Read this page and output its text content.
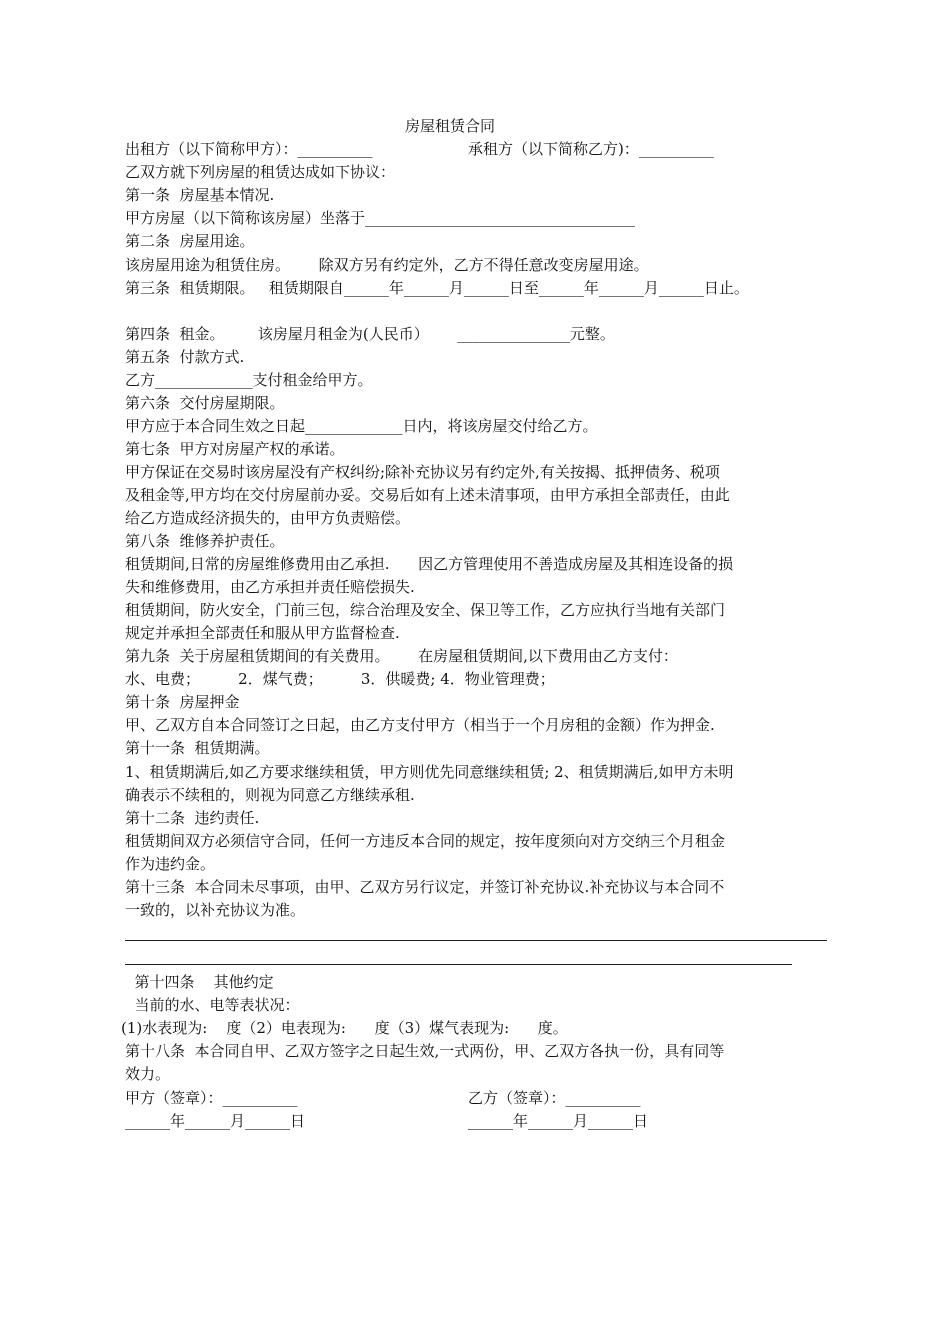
房屋租赁合同
出租方（以下简称甲方）：__________	承租方（以下简称乙方)：__________
乙双方就下列房屋的租赁达成如下协议：
第一条  房屋基本情况.
甲方房屋（以下简称该房屋）坐落于____________________________________
第二条  房屋用途。
该房屋用途为租赁住房。      除双方另有约定外，乙方不得任意改变房屋用途。
第三条  租赁期限。   租赁期限自______年______月______日至______年______月______日止。
第四条  租金。       该房屋月租金为(人民币）      _______________元整。
第五条  付款方式.
乙方_____________支付租金给甲方。
第六条  交付房屋期限。
甲方应于本合同生效之日起_____________日内，将该房屋交付给乙方。
第七条  甲方对房屋产权的承诺。
甲方保证在交易时该房屋没有产权纠纷;除补充协议另有约定外,有关按揭、抵押债务、税项
及租金等,甲方均在交付房屋前办妥。交易后如有上述未清事项，由甲方承担全部责任，由此
给乙方造成经济损失的，由甲方负责赔偿。
第八条  维修养护责任。
租赁期间,日常的房屋维修费用由乙承担.      因乙方管理使用不善造成房屋及其相连设备的损
失和维修费用，由乙方承担并责任赔偿损失.
租赁期间，防火安全，门前三包，综合治理及安全、保卫等工作，乙方应执行当地有关部门
规定并承担全部责任和服从甲方监督检查.
第九条  关于房屋租赁期间的有关费用。      在房屋租赁期间,以下费用由乙方支付：
水、电费；        2．煤气费；        3．供暖费; 4．物业管理费；
第十条  房屋押金
甲、乙双方自本合同签订之日起，由乙方支付甲方（相当于一个月房租的金额）作为押金.
第十一条  租赁期满。
1、租赁期满后,如乙方要求继续租赁，甲方则优先同意继续租赁; 2、租赁期满后,如甲方未明
确表示不续租的，则视为同意乙方继续承租.
第十二条  违约责任.
租赁期间双方必须信守合同，任何一方违反本合同的规定，按年度须向对方交纳三个月租金
作为违约金。
第十三条  本合同未尽事项，由甲、乙双方另行议定，并签订补充协议.补充协议与本合同不
一致的，以补充协议为准。
第十四条    其他约定
当前的水、电等表状况：
(1)水表现为:    度（2）电表现为:      度（3）煤气表现为:      度。
第十八条  本合同自甲、乙双方签字之日起生效,一式两份，甲、乙双方各执一份，具有同等
效力。
甲方（签章）：__________	乙方（签章）：__________
______年______月______日	______年______月______日
